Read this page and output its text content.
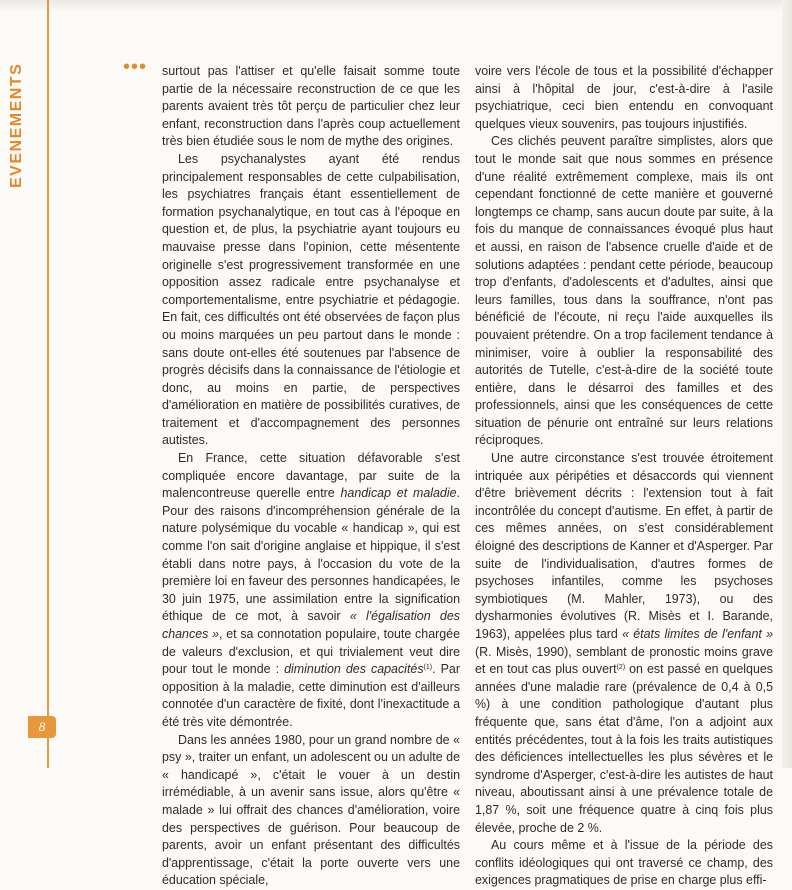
EVENEMENTS	••• surtout pas l'attiser et qu'elle faisait somme toute partie de la nécessaire reconstruction de ce que les parents avaient très tôt perçu de particulier chez leur enfant, reconstruction dans l'après coup actuellement très bien étudiée sous le nom de mythe des origines.

Les psychanalystes ayant été rendus principalement responsables de cette culpabilisation, les psychiatres français étant essentiellement de formation psychanalytique, en tout cas à l'époque en question et, de plus, la psychiatrie ayant toujours eu mauvaise presse dans l'opinion, cette mésentente originelle s'est progressivement transformée en une opposition assez radicale entre psychanalyse et comportementalisme, entre psychiatrie et pédagogie. En fait, ces difficultés ont été observées de façon plus ou moins marquées un peu partout dans le monde : sans doute ont-elles été soutenues par l'absence de progrès décisifs dans la connaissance de l'étiologie et donc, au moins en partie, de perspectives d'amélioration en matière de possibilités curatives, de traitement et d'accompagnement des personnes autistes.

En France, cette situation défavorable s'est compliquée encore davantage, par suite de la malencontreuse querelle entre handicap et maladie. Pour des raisons d'incompréhension générale de la nature polysémique du vocable « handicap », qui est comme l'on sait d'origine anglaise et hippique, il s'est établi dans notre pays, à l'occasion du vote de la première loi en faveur des personnes handicapées, le 30 juin 1975, une assimilation entre la signification éthique de ce mot, à savoir « l'égalisation des chances », et sa connotation populaire, toute chargée de valeurs d'exclusion, et qui trivialement veut dire pour tout le monde : diminution des capacités$^{(1)}$. Par opposition à la maladie, cette diminution est d'ailleurs connotée d'un caractère de fixité, dont l'inexactitude a été très vite démontrée.

Dans les années 1980, pour un grand nombre de « psy », traiter un enfant, un adolescent ou un adulte de « handicapé », c'était le vouer à un destin irrémédiable, à un avenir sans issue, alors qu'être « malade » lui offrait des chances d'amélioration, voire des perspectives de guérison. Pour beaucoup de parents, avoir un enfant présentant des difficultés d'apprentissage, c'était la porte ouverte vers une éducation spéciale,

voire vers l'école de tous et la possibilité d'échapper ainsi à l'hôpital de jour, c'est-à-dire à l'asile psychiatrique, ceci bien entendu en convoquant quelques vieux souvenirs, pas toujours injustifiés.

Ces clichés peuvent paraître simplistes, alors que tout le monde sait que nous sommes en présence d'une réalité extrêmement complexe, mais ils ont cependant fonctionné de cette manière et gouverné longtemps ce champ, sans aucun doute par suite, à la fois du manque de connaissances évoqué plus haut et aussi, en raison de l'absence cruelle d'aide et de solutions adaptées : pendant cette période, beaucoup trop d'enfants, d'adolescents et d'adultes, ainsi que leurs familles, tous dans la souffrance, n'ont pas bénéficié de l'écoute, ni reçu l'aide auxquelles ils pouvaient prétendre. On a trop facilement tendance à minimiser, voire à oublier la responsabilité des autorités de Tutelle, c'est-à-dire de la société toute entière, dans le désarroi des familles et des professionnels, ainsi que les conséquences de cette situation de pénurie ont entraîné sur leurs relations réciproques.

Une autre circonstance s'est trouvée étroitement intriquée aux péripéties et désaccords qui viennent d'être brièvement décrits : l'extension tout à fait incontrôlée du concept d'autisme. En effet, à partir de ces mêmes années, on s'est considérablement éloigné des descriptions de Kanner et d'Asperger. Par suite de l'individualisation, d'autres formes de psychoses infantiles, comme les psychoses symbiotiques (M. Mahler, 1973), ou des dysharmonies évolutives (R. Misès et I. Barande, 1963), appelées plus tard « états limites de l'enfant » (R. Misès, 1990), semblant de pronostic moins grave et en tout cas plus ouvert$^{(2)}$ on est passé en quelques années d'une maladie rare (prévalence de 0,4 à 0,5 %) à une condition pathologique d'autant plus fréquente que, sans état d'âme, l'on a adjoint aux entités précédentes, tout à la fois les traits autistiques des déficiences intellectuelles les plus sévères et le syndrome d'Asperger, c'est-à-dire les autistes de haut niveau, aboutissant ainsi à une prévalence totale de 1,87 %, soit une fréquence quatre à cinq fois plus élevée, proche de 2 %.

Au cours même et à l'issue de la période des conflits idéologiques qui ont traversé ce champ, des exigences pragmatiques de prise en charge plus effi-

8
